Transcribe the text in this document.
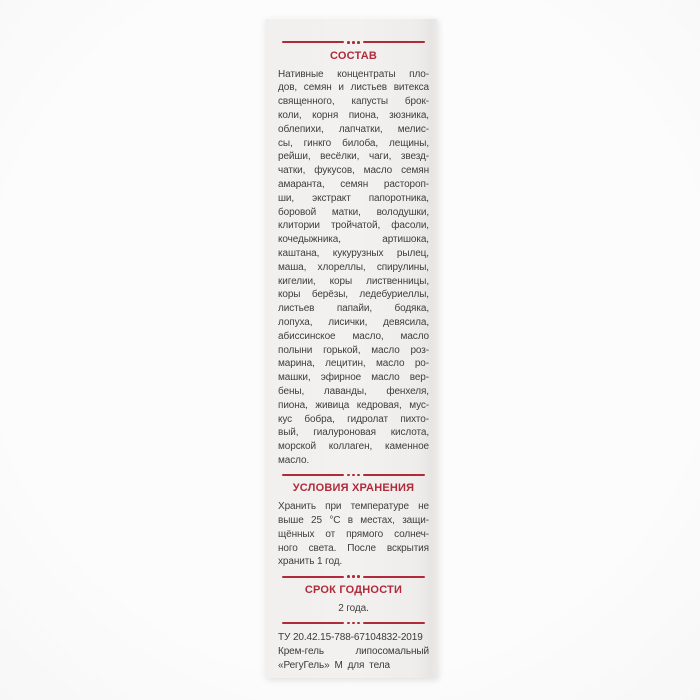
СОСТАВ
Нативные концентраты пло-
дов, семян и листьев витекса
священного, капусты брок-
коли, корня пиона, зюзника,
облепихи, лапчатки, мелис-
сы, гинкго билоба, лещины,
рейши, весёлки, чаги, звезд-
чатки, фукусов, масло семян
амаранта, семян растороп-
ши, экстракт папоротника,
боровой матки, володушки,
клитории тройчатой, фасоли,
кочедыжника, артишока,
каштана, кукурузных рылец,
маша, хлореллы, спирулины,
кигелии, коры лиственницы,
коры берёзы, ледебуриеллы,
листьев папайи, бодяка,
лопуха, лисички, девясила,
абиссинское масло, масло
полыни горькой, масло роз-
марина, лецитин, масло ро-
машки, эфирное масло вер-
бены, лаванды, фенхеля,
пиона, живица кедровая, мус-
кус бобра, гидролат пихто-
вый, гиалуроновая кислота,
морской коллаген, каменное
масло.
УСЛОВИЯ ХРАНЕНИЯ
Хранить при температуре не
выше 25 °С в местах, защи-
щённых от прямого солнеч-
ного света. После вскрытия
хранить 1 год.
СРОК ГОДНОСТИ
2 года.
ТУ 20.42.15-788-67104832-2019
Крем-гель липосомальный
«РегуГель» М для тела
